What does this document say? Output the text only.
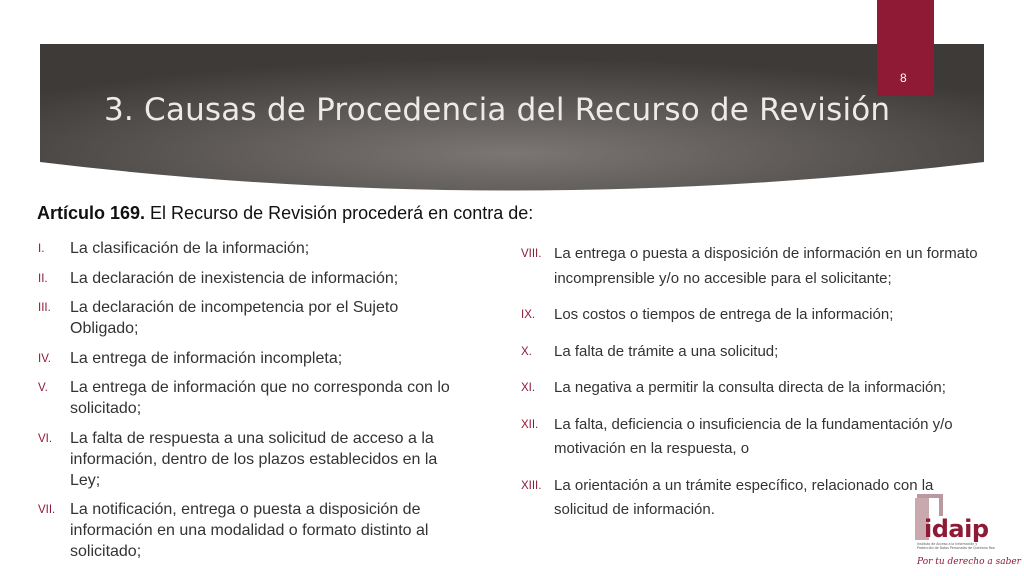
8
3. Causas de Procedencia del Recurso de Revisión
Artículo 169. El Recurso de Revisión procederá en contra de:
I.	La clasificación de la información;
II.	La declaración de inexistencia de información;
III.	La declaración de incompetencia por el Sujeto Obligado;
IV.	La entrega de información incompleta;
V.	La entrega de información que no corresponda con lo solicitado;
VI.	La falta de respuesta a una solicitud de acceso a la información, dentro de los plazos establecidos en la Ley;
VII. La notificación, entrega o puesta a disposición de información en una modalidad o formato distinto al solicitado;
VIII. La entrega o puesta a disposición de información en un formato incomprensible y/o no accesible para el solicitante;
IX.	Los costos o tiempos de entrega de la información;
X.	La falta de trámite a una solicitud;
XI.	La negativa a permitir la consulta directa de la información;
XII.	La falta, deficiencia o insuficiencia de la fundamentación y/o motivación en la respuesta, o
XIII. La orientación a un trámite específico, relacionado con la solicitud de información.
idaip
Instituto de Acceso a la Información y
Protección de Datos Personales de Quintana Roo
Por tu derecho a saber
